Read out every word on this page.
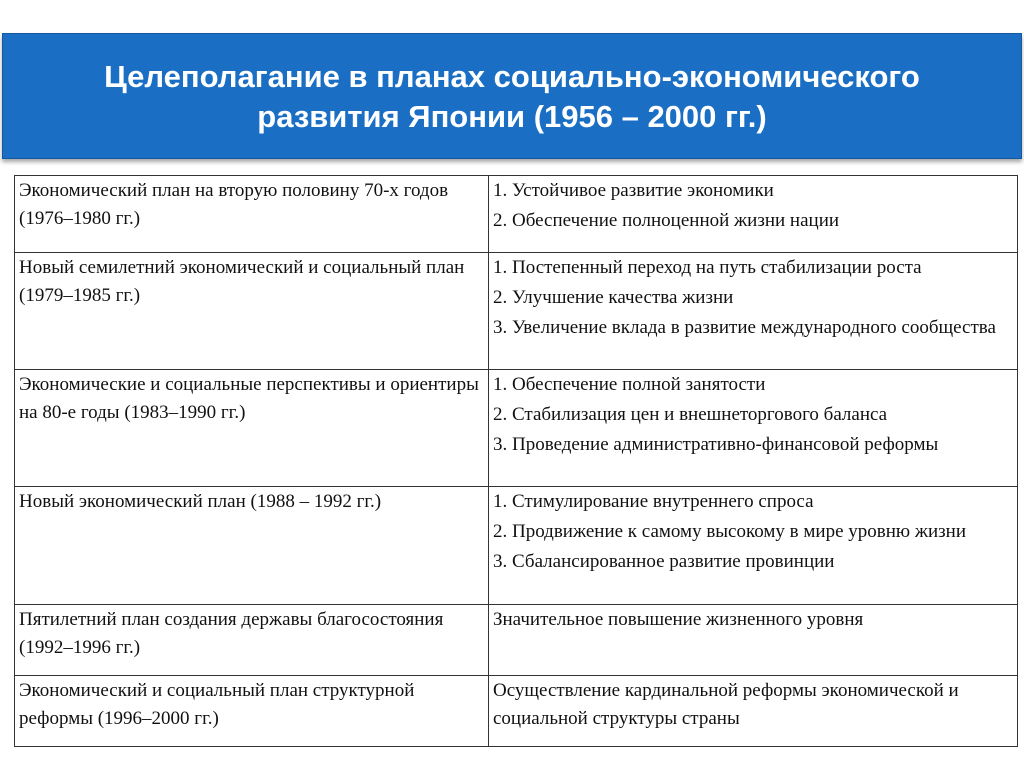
Целеполагание в планах социально-экономического
развития Японии (1956 – 2000 гг.)
Экономический план на вторую половину 70-х годов (1976–1980 гг.)	1. Устойчивое развитие экономики
2. Обеспечение полноценной жизни нации

Новый семилетний экономический и социальный план (1979–1985 гг.)	1. Постепенный переход на путь стабилизации роста
2. Улучшение качества жизни
3. Увеличение вклада в развитие международного сообщества

Экономические и социальные перспективы и ориентиры на 80-е годы (1983–1990 гг.)	1. Обеспечение полной занятости
2. Стабилизация цен и внешнеторгового баланса
3. Проведение административно-финансовой реформы

Новый экономический план (1988 – 1992 гг.)	1. Стимулирование внутреннего спроса
2. Продвижение к самому высокому в мире уровню жизни
3. Сбалансированное развитие провинции

Пятилетний план создания державы благосостояния (1992–1996 гг.)	Значительное повышение жизненного уровня

Экономический и социальный план структурной реформы (1996–2000 гг.)	Осуществление кардинальной реформы экономической и социальной структуры страны
